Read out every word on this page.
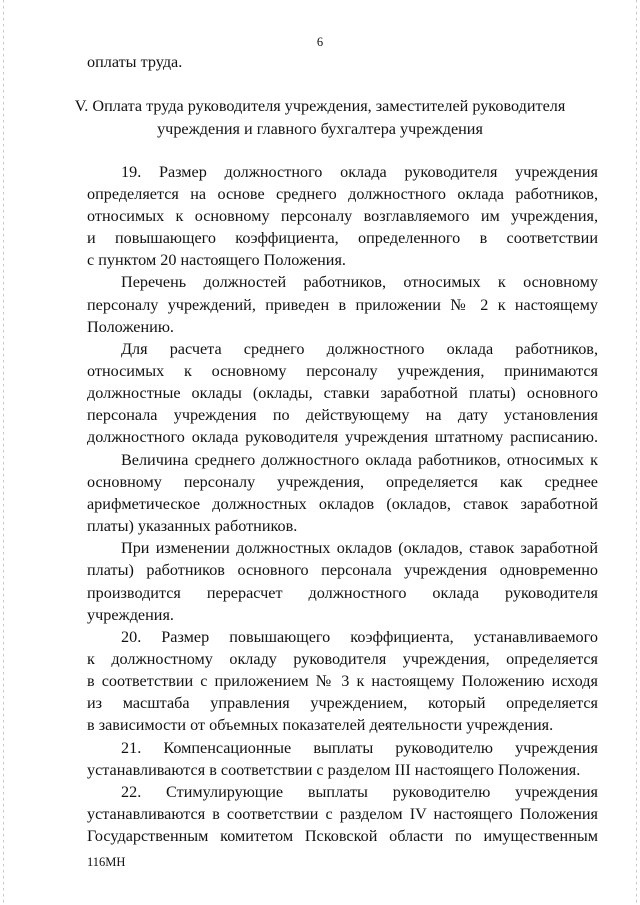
6
оплаты труда.
V. Оплата труда руководителя учреждения, заместителей руководителя
учреждения и главного бухгалтера учреждения
19. Размер должностного оклада руководителя учреждения
определяется на основе среднего должностного оклада работников,
относимых к основному персоналу возглавляемого им учреждения,
и повышающего коэффициента, определенного в соответствии
с пунктом 20 настоящего Положения.
Перечень должностей работников, относимых к основному
персоналу учреждений, приведен в приложении № 2 к настоящему
Положению.
Для расчета среднего должностного оклада работников,
относимых к основному персоналу учреждения, принимаются
должностные оклады (оклады, ставки заработной платы) основного
персонала учреждения по действующему на дату установления
должностного оклада руководителя учреждения штатному расписанию.
Величина среднего должностного оклада работников, относимых к
основному персоналу учреждения, определяется как среднее
арифметическое должностных окладов (окладов, ставок заработной
платы) указанных работников.
При изменении должностных окладов (окладов, ставок заработной
платы) работников основного персонала учреждения одновременно
производится перерасчет должностного оклада руководителя
учреждения.
20. Размер повышающего коэффициента, устанавливаемого
к должностному окладу руководителя учреждения, определяется
в соответствии с приложением № 3 к настоящему Положению исходя
из масштаба управления учреждением, который определяется
в зависимости от объемных показателей деятельности учреждения.
21. Компенсационные выплаты руководителю учреждения
устанавливаются в соответствии с разделом III настоящего Положения.
22. Стимулирующие выплаты руководителю учреждения
устанавливаются в соответствии с разделом IV настоящего Положения
Государственным комитетом Псковской области по имущественным
116МН
